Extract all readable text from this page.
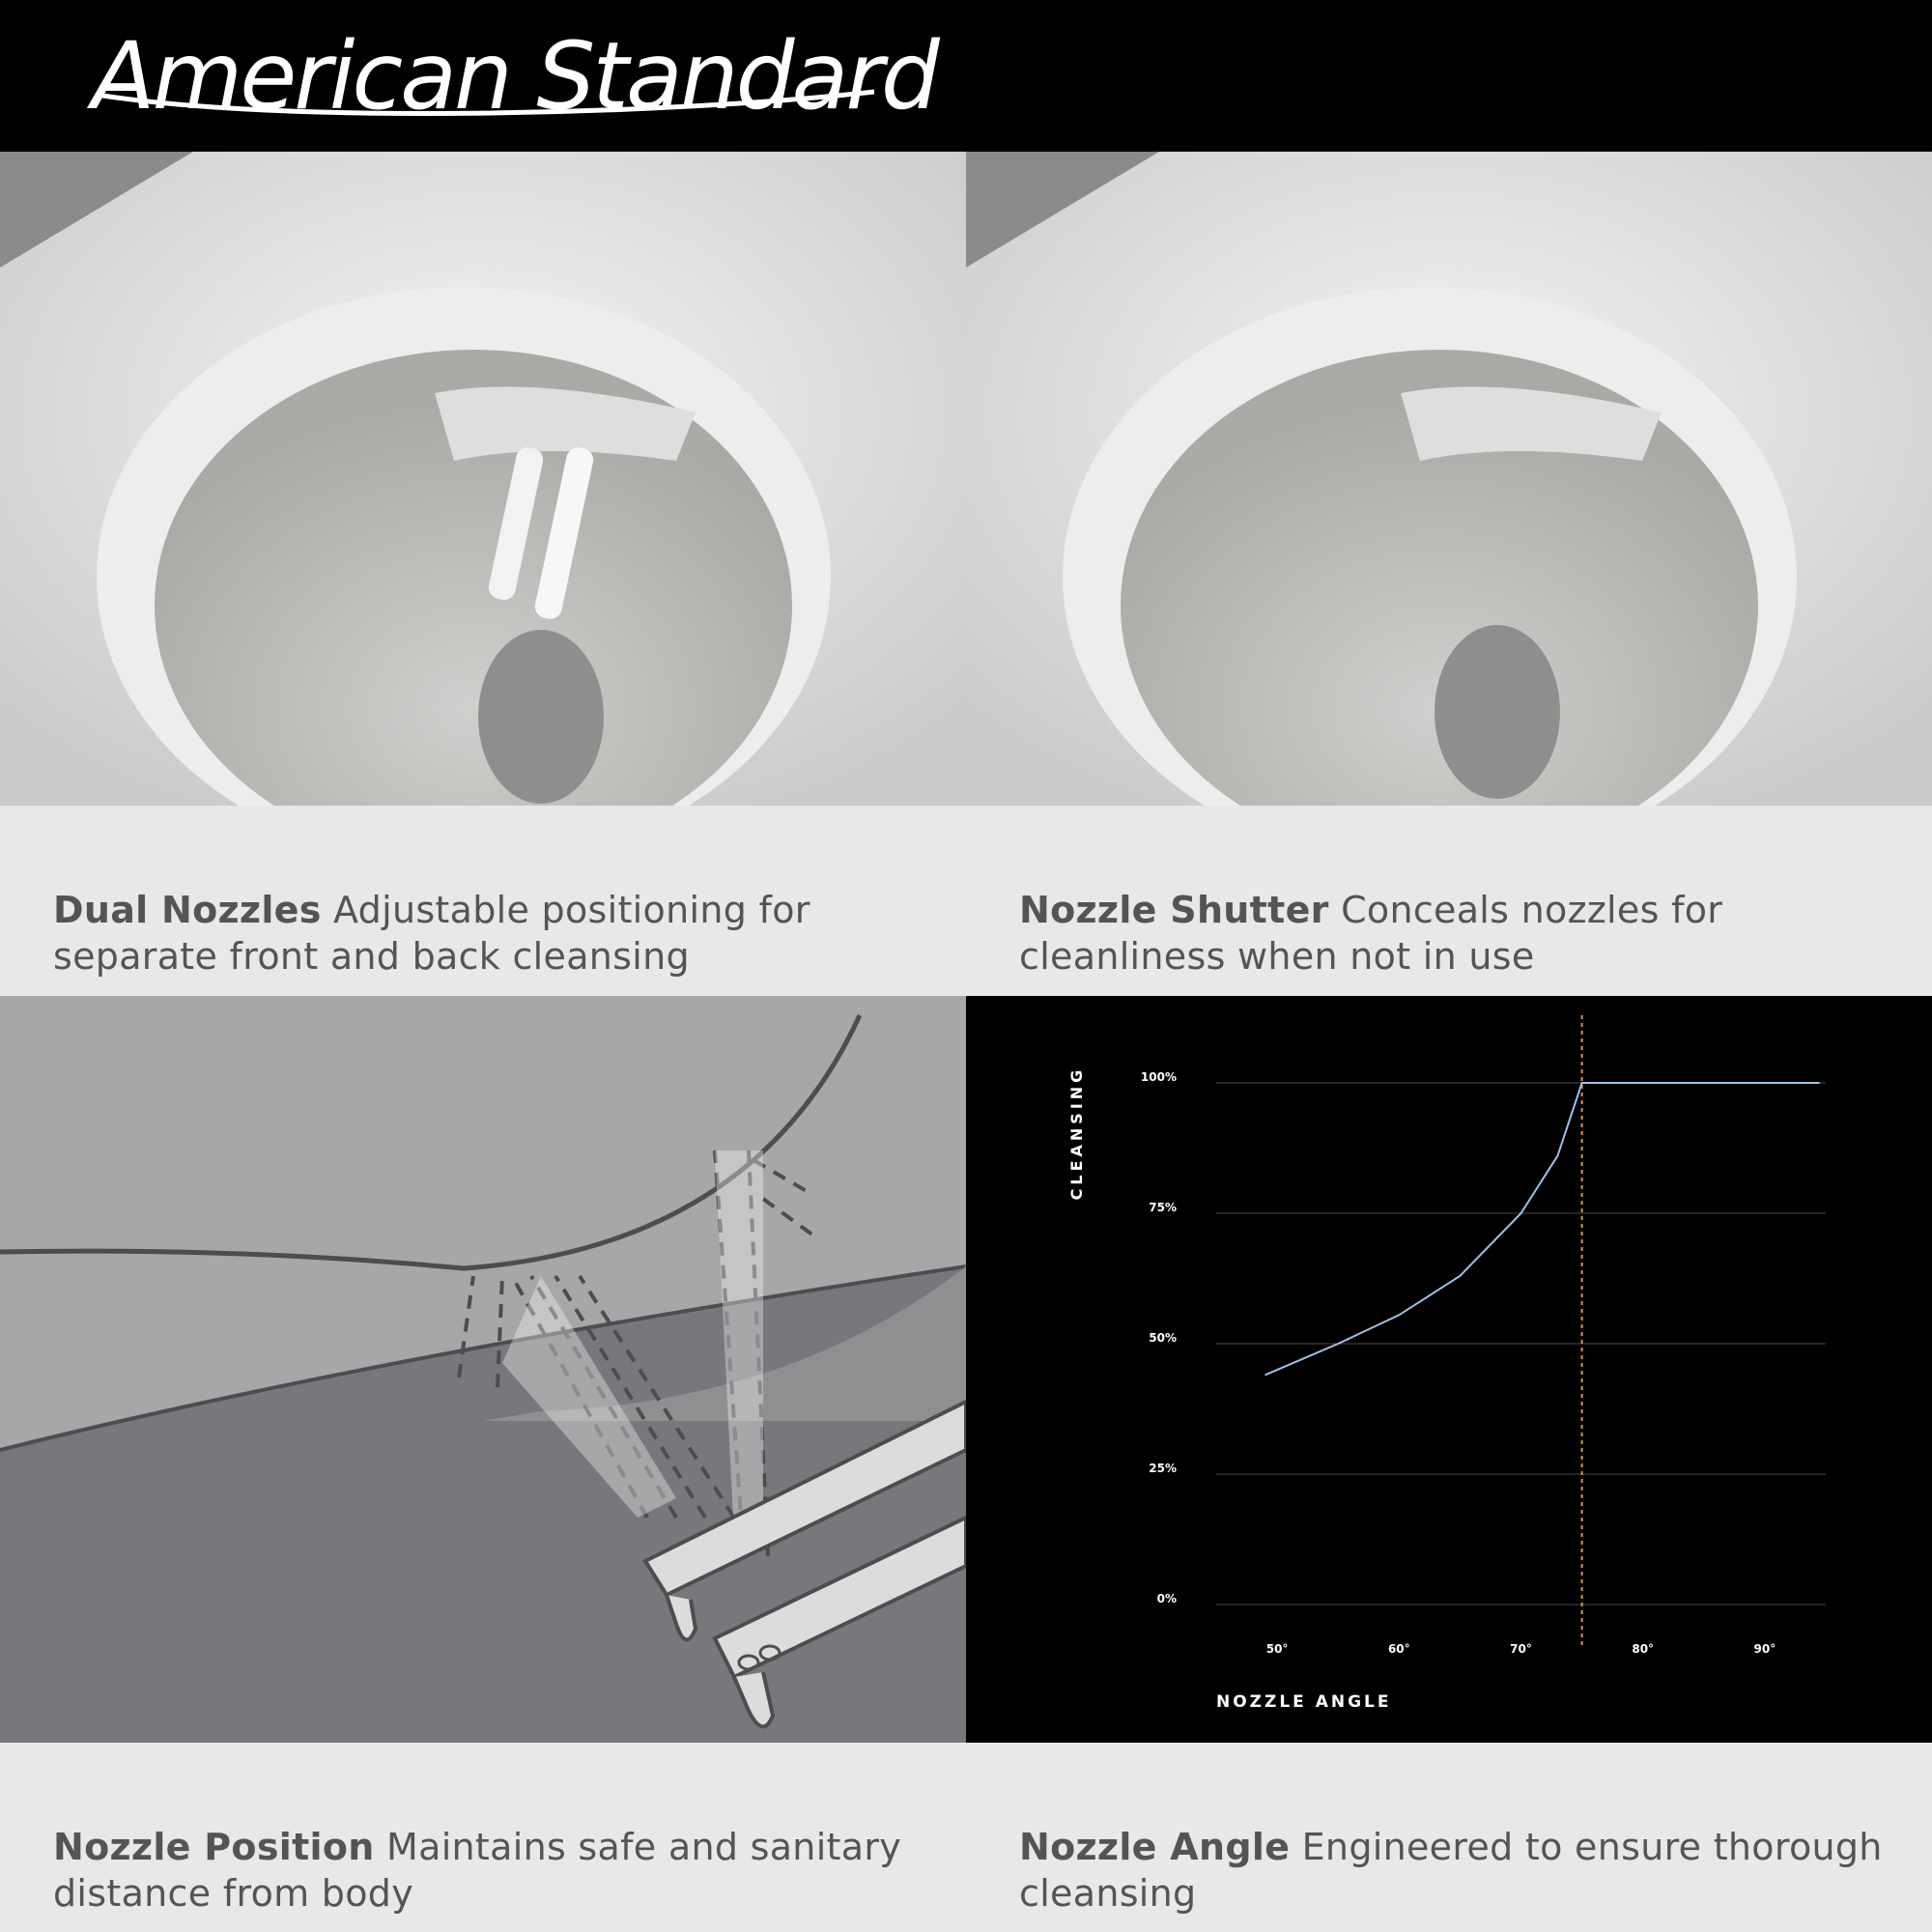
American Standard

Dual Nozzles Adjustable positioning for separate front and back cleansing

Nozzle Shutter Conceals nozzles for cleanliness when not in use

0%
25%
50%
75%
100%
50°	60°	70°	80°	90°
CLEANSING
NOZZLE ANGLE

Nozzle Position Maintains safe and sanitary distance from body

Nozzle Angle Engineered to ensure thorough cleansing
